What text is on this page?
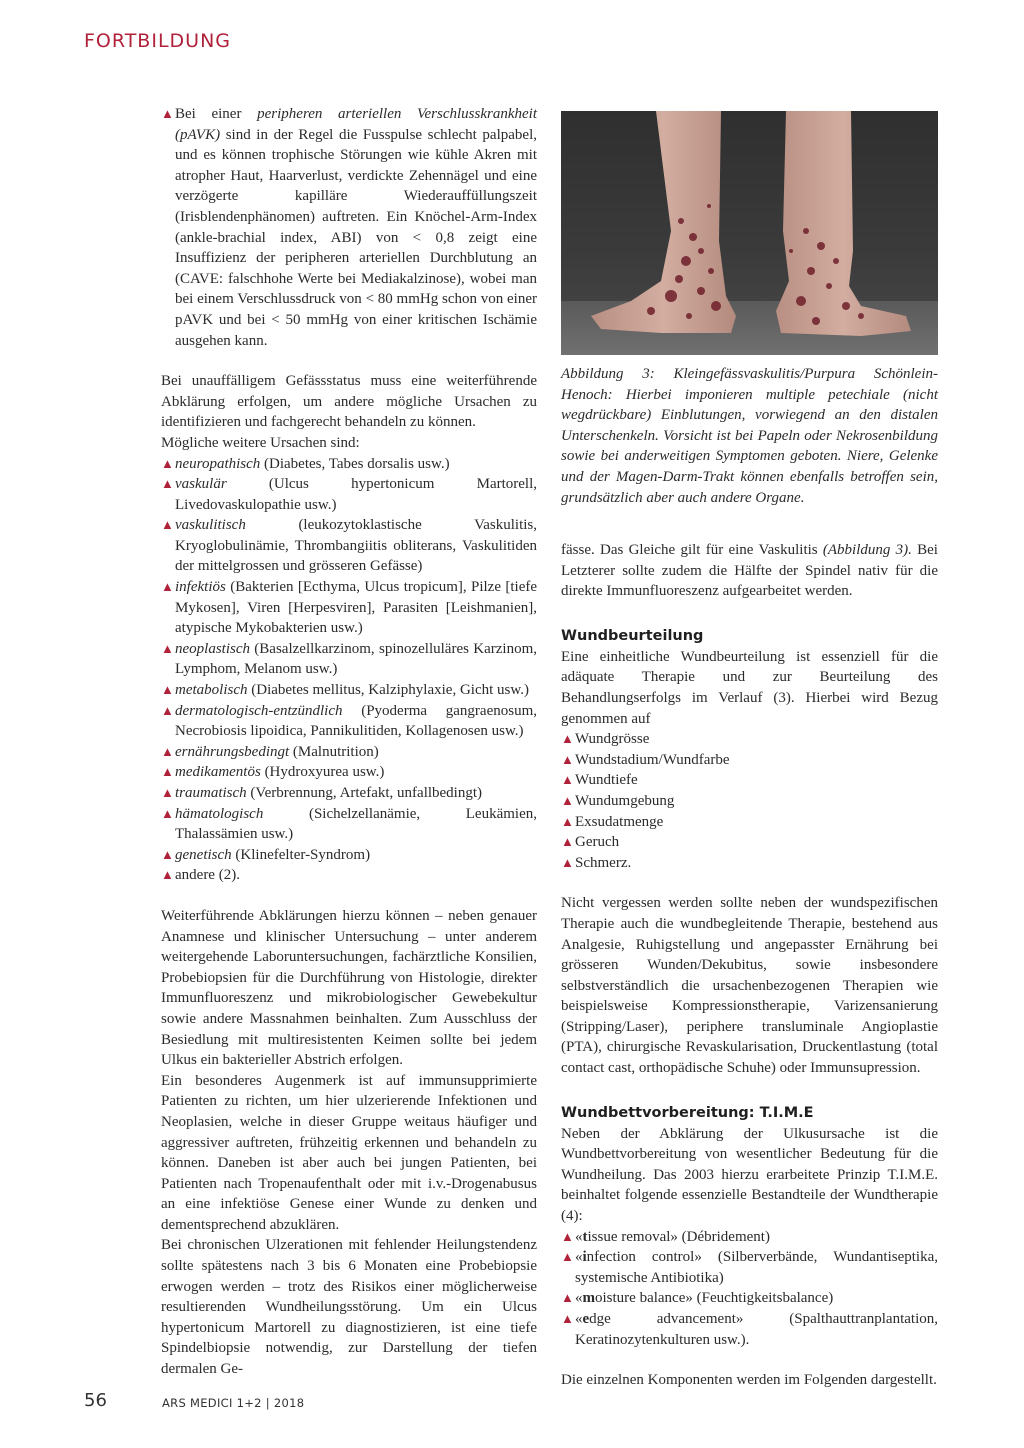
FORTBILDUNG

▲Bei einer peripheren arteriellen Verschlusskrankheit (pAVK) sind in der Regel die Fusspulse schlecht palpabel, und es können trophische Störungen wie kühle Akren mit atropher Haut, Haarverlust, verdickte Zehennägel und eine verzögerte kapilläre Wiederauffüllungszeit (Irisblendenphänomen) auftreten. Ein Knöchel-Arm-Index (ankle-brachial index, ABI) von < 0,8 zeigt eine Insuffizienz der peripheren arteriellen Durchblutung an (CAVE: falschhohe Werte bei Mediakalzinose), wobei man bei einem Verschlussdruck von < 80 mmHg schon von einer pAVK und bei < 50 mmHg von einer kritischen Ischämie ausgehen kann.

Bei unauffälligem Gefässstatus muss eine weiterführende Abklärung erfolgen, um andere mögliche Ursachen zu identifizieren und fachgerecht behandeln zu können.

Mögliche weitere Ursachen sind:

▲neuropathisch (Diabetes, Tabes dorsalis usw.)

▲vaskulär (Ulcus hypertonicum Martorell, Livedovaskulopathie usw.)

▲vaskulitisch (leukozytoklastische Vaskulitis, Kryoglobulinämie, Thrombangiitis obliterans, Vaskulitiden der mittelgrossen und grösseren Gefässe)

▲infektiös (Bakterien [Ecthyma, Ulcus tropicum], Pilze [tiefe Mykosen], Viren [Herpesviren], Parasiten [Leishmanien], atypische Mykobakterien usw.)

▲neoplastisch (Basalzellkarzinom, spinozelluläres Karzinom, Lymphom, Melanom usw.)

▲metabolisch (Diabetes mellitus, Kalziphylaxie, Gicht usw.)

▲dermatologisch-entzündlich (Pyoderma gangraenosum, Necrobiosis lipoidica, Pannikulitiden, Kollagenosen usw.)

▲ernährungsbedingt (Malnutrition)

▲medikamentös (Hydroxyurea usw.)

▲traumatisch (Verbrennung, Artefakt, unfallbedingt)

▲hämatologisch (Sichelzellanämie, Leukämien, Thalassämien usw.)

▲genetisch (Klinefelter-Syndrom)

▲andere (2).

Weiterführende Abklärungen hierzu können – neben genauer Anamnese und klinischer Untersuchung – unter anderem weitergehende Laboruntersuchungen, fachärztliche Konsilien, Probebiopsien für die Durchführung von Histologie, direkter Immunfluoreszenz und mikrobiologischer Gewebekultur sowie andere Massnahmen beinhalten. Zum Ausschluss der Besiedlung mit multiresistenten Keimen sollte bei jedem Ulkus ein bakterieller Abstrich erfolgen.

Ein besonderes Augenmerk ist auf immunsupprimierte Patienten zu richten, um hier ulzerierende Infektionen und Neoplasien, welche in dieser Gruppe weitaus häufiger und aggressiver auftreten, frühzeitig erkennen und behandeln zu können. Daneben ist aber auch bei jungen Patienten, bei Patienten nach Tropenaufenthalt oder mit i.v.-Drogenabusus an eine infektiöse Genese einer Wunde zu denken und dementsprechend abzuklären.

Bei chronischen Ulzerationen mit fehlender Heilungstendenz sollte spätestens nach 3 bis 6 Monaten eine Probebiopsie erwogen werden – trotz des Risikos einer möglicherweise resultierenden Wundheilungsstörung. Um ein Ulcus hypertonicum Martorell zu diagnostizieren, ist eine tiefe Spindelbiopsie notwendig, zur Darstellung der tiefen dermalen Ge-

Abbildung 3: Kleingefässvaskulitis/Purpura Schönlein-Henoch: Hierbei imponieren multiple petechiale (nicht wegdrückbare) Einblutungen, vorwiegend an den distalen Unterschenkeln. Vorsicht ist bei Papeln oder Nekrosenbildung sowie bei anderweitigen Symptomen geboten. Niere, Gelenke und der Magen-Darm-Trakt können ebenfalls betroffen sein, grundsätzlich aber auch andere Organe.

fässe. Das Gleiche gilt für eine Vaskulitis (Abbildung 3). Bei Letzterer sollte zudem die Hälfte der Spindel nativ für die direkte Immunfluoreszenz aufgearbeitet werden.

Wundbeurteilung

Eine einheitliche Wundbeurteilung ist essenziell für die adäquate Therapie und zur Beurteilung des Behandlungserfolgs im Verlauf (3). Hierbei wird Bezug genommen auf

▲Wundgrösse

▲Wundstadium/Wundfarbe

▲Wundtiefe

▲Wundumgebung

▲Exsudatmenge

▲Geruch

▲Schmerz.

Nicht vergessen werden sollte neben der wundspezifischen Therapie auch die wundbegleitende Therapie, bestehend aus Analgesie, Ruhigstellung und angepasster Ernährung bei grösseren Wunden/Dekubitus, sowie insbesondere selbstverständlich die ursachenbezogenen Therapien wie beispielsweise Kompressionstherapie, Varizensanierung (Stripping/Laser), periphere transluminale Angioplastie (PTA), chirurgische Revaskularisation, Druckentlastung (total contact cast, orthopädische Schuhe) oder Immunsupression.

Wundbettvorbereitung: T.I.M.E

Neben der Abklärung der Ulkusursache ist die Wundbettvorbereitung von wesentlicher Bedeutung für die Wundheilung. Das 2003 hierzu erarbeitete Prinzip T.I.M.E. beinhaltet folgende essenzielle Bestandteile der Wundtherapie (4):

▲«tissue removal» (Débridement)

▲«infection control» (Silberverbände, Wundantiseptika, systemische Antibiotika)

▲«moisture balance» (Feuchtigkeitsbalance)

▲«edge advancement» (Spalthauttranplantation, Keratinozytenkulturen usw.).

Die einzelnen Komponenten werden im Folgenden dargestellt.

56	ARS MEDICI 1+2 | 2018
